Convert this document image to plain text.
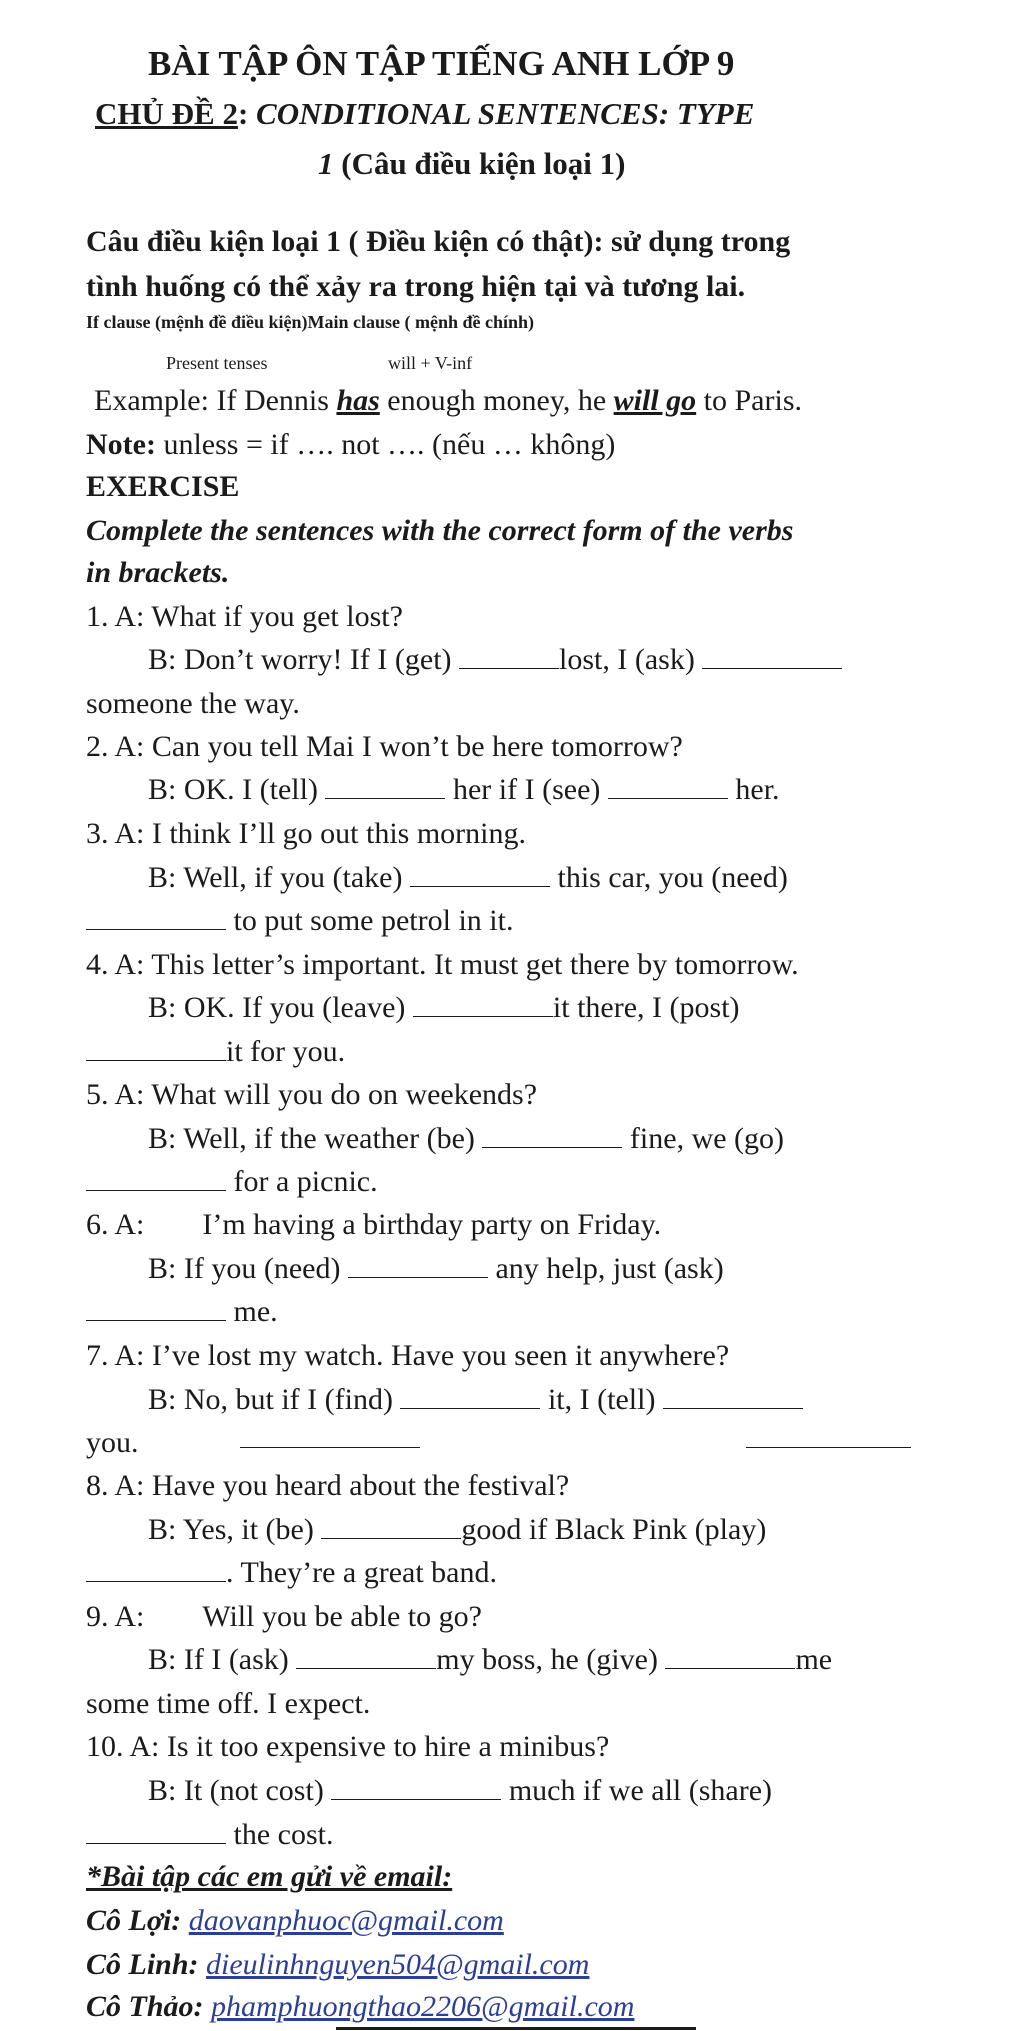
BÀI TẬP ÔN TẬP TIẾNG ANH LỚP 9
CHỦ ĐỀ 2: CONDITIONAL SENTENCES: TYPE
1 (Câu điều kiện loại 1)
Câu điều kiện loại 1 ( Điều kiện có thật): sử dụng trong
tình huống có thể xảy ra trong hiện tại và tương lai.
If clause (mệnh đề điều kiện)Main clause ( mệnh đề chính)
Present tenses	will + V-inf
Example: If Dennis has enough money, he will go to Paris.
Note: unless = if …. not …. (nếu … không)
EXERCISE
Complete the sentences with the correct form of the verbs
in brackets.
1. A: What if you get lost?
B: Don’t worry! If I (get)	lost, I (ask)
someone the way.
2. A: Can you tell Mai I won’t be here tomorrow?
B: OK. I (tell)	her if I (see)	her.
3. A: I think I’ll go out this morning.
B: Well, if you (take)	this car, you (need)
to put some petrol in it.
4. A: This letter’s important. It must get there by tomorrow.
B: OK. If you (leave)	it there, I (post)
it for you.
5. A: What will you do on weekends?
B: Well, if the weather (be)	fine, we (go)
for a picnic.
6. A: I’m having a birthday party on Friday.
B: If you (need)	any help, just (ask)
me.
7. A: I’ve lost my watch. Have you seen it anywhere?
B: No, but if I (find)	it, I (tell)
you.
8. A: Have you heard about the festival?
B: Yes, it (be)	good if Black Pink (play)
. They’re a great band.
9. A: Will you be able to go?
B: If I (ask)	my boss, he (give)	me
some time off. I expect.
10. A: Is it too expensive to hire a minibus?
B: It (not cost)	much if we all (share)
the cost.
*Bài tập các em gửi về email:
Cô Lợi: daovanphuoc@gmail.com
Cô Linh: dieulinhnguyen504@gmail.com
Cô Thảo: phamphuongthao2206@gmail.com
